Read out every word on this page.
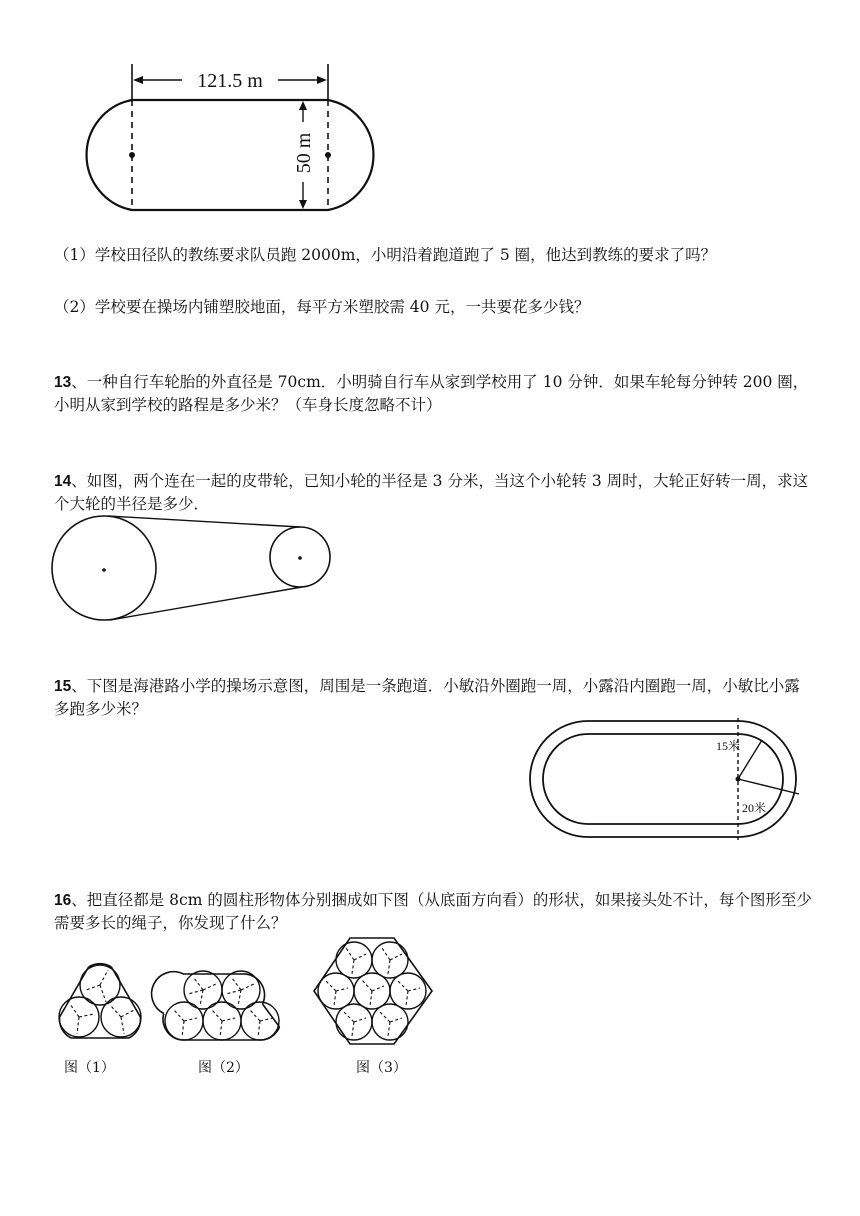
121.5 m
50 m
（1）学校田径队的教练要求队员跑 2000m，小明沿着跑道跑了 5 圈，他达到教练的要求了吗？
（2）学校要在操场内铺塑胶地面，每平方米塑胶需 40 元，一共要花多少钱？
13、一种自行车轮胎的外直径是 70cm．小明骑自行车从家到学校用了 10 分钟．如果车轮每分钟转 200 圈，小明从家到学校的路程是多少米？（车身长度忽略不计）
14、如图，两个连在一起的皮带轮，已知小轮的半径是 3 分米，当这个小轮转 3 周时，大轮正好转一周，求这个大轮的半径是多少．
15、下图是海港路小学的操场示意图，周围是一条跑道．小敏沿外圈跑一周，小露沿内圈跑一周，小敏比小露多跑多少米？
15米
20米
16、把直径都是 8cm 的圆柱形物体分别捆成如下图（从底面方向看）的形状，如果接头处不计，每个图形至少需要多长的绳子，你发现了什么？
图（1）	图（2）	图（3）
